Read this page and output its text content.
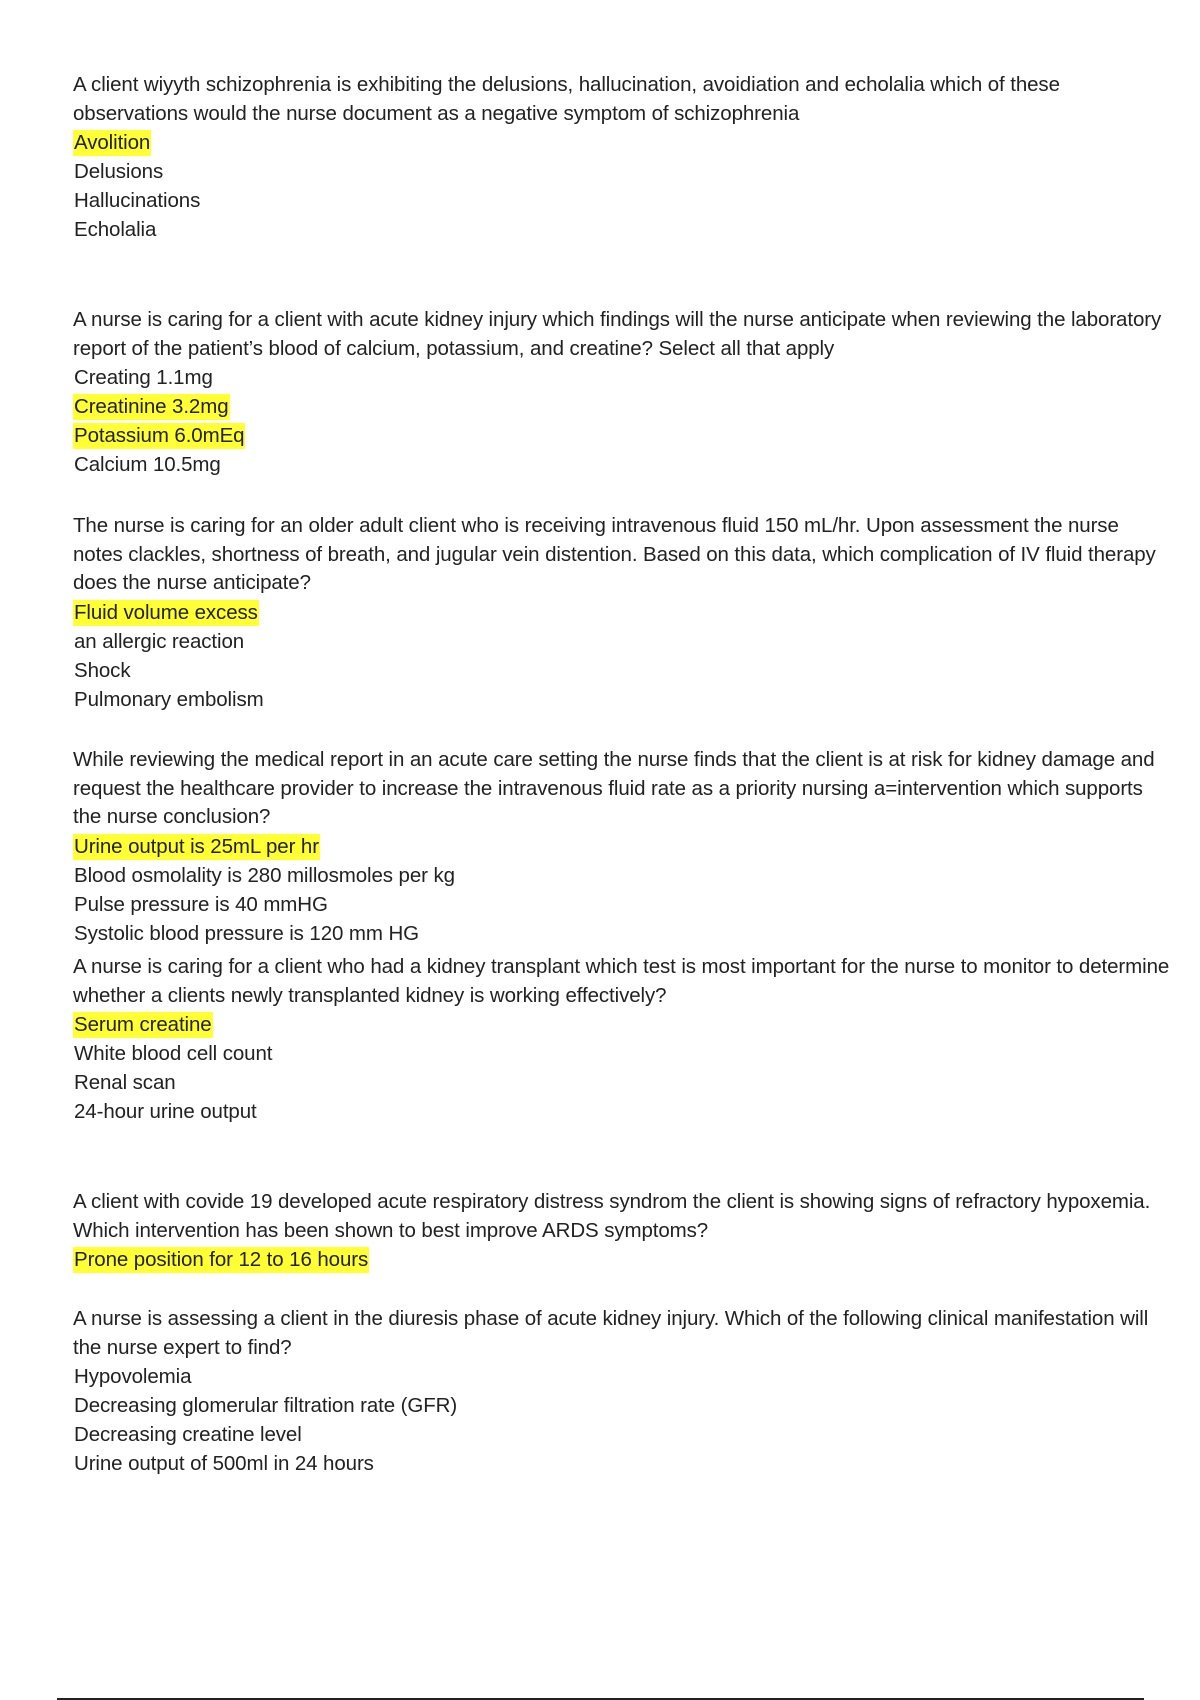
A client wiyyth schizophrenia is exhibiting the delusions, hallucination, avoidiation and echolalia which of these observations would the nurse document as a negative symptom of schizophrenia

Avolition
Delusions
Hallucinations
Echolalia

A nurse is caring for a client with acute kidney injury which findings will the nurse anticipate when reviewing the laboratory report of the patient’s blood of calcium, potassium, and creatine? Select all that apply

Creating 1.1mg
Creatinine 3.2mg
Potassium 6.0mEq
Calcium 10.5mg

The nurse is caring for an older adult client who is receiving intravenous fluid 150 mL/hr. Upon assessment the nurse notes clackles, shortness of breath, and jugular vein distention. Based on this data, which complication of IV fluid therapy does the nurse anticipate?

Fluid volume excess
an allergic reaction
Shock
Pulmonary embolism

While reviewing the medical report in an acute care setting the nurse finds that the client is at risk for kidney damage and request the healthcare provider to increase the intravenous fluid rate as a priority nursing a=intervention which supports the nurse conclusion?

Urine output is 25mL per hr
Blood osmolality is 280 millosmoles per kg
Pulse pressure is 40 mmHG
Systolic blood pressure is 120 mm HG

A nurse is caring for a client who had a kidney transplant which test is most important for the nurse to monitor to determine whether a clients newly transplanted kidney is working effectively?

Serum creatine
White blood cell count
Renal scan
24-hour urine output

A client with covide 19 developed acute respiratory distress syndrom the client is showing signs of refractory hypoxemia. Which intervention has been shown to best improve ARDS symptoms?

Prone position for 12 to 16 hours

A nurse is assessing a client in the diuresis phase of acute kidney injury. Which of the following clinical manifestation will the nurse expert to find?

Hypovolemia
Decreasing glomerular filtration rate (GFR)
Decreasing creatine level
Urine output of 500ml in 24 hours
